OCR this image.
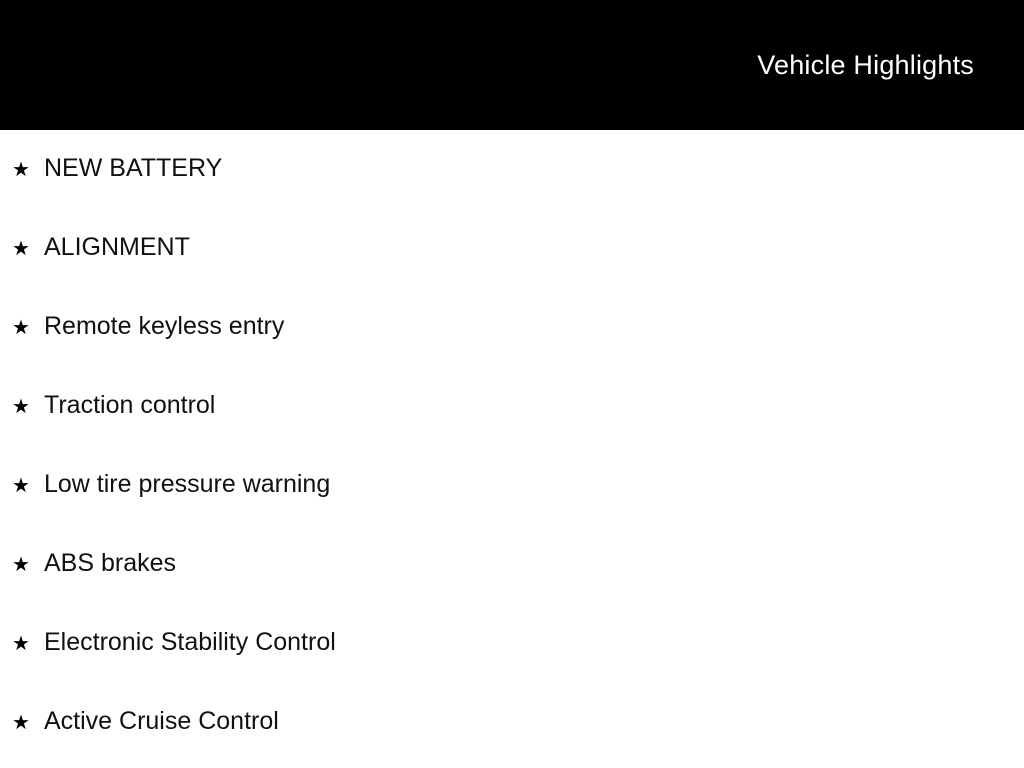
Vehicle Highlights
★ NEW BATTERY
★ ALIGNMENT
★ Remote keyless entry
★ Traction control
★ Low tire pressure warning
★ ABS brakes
★ Electronic Stability Control
★ Active Cruise Control
